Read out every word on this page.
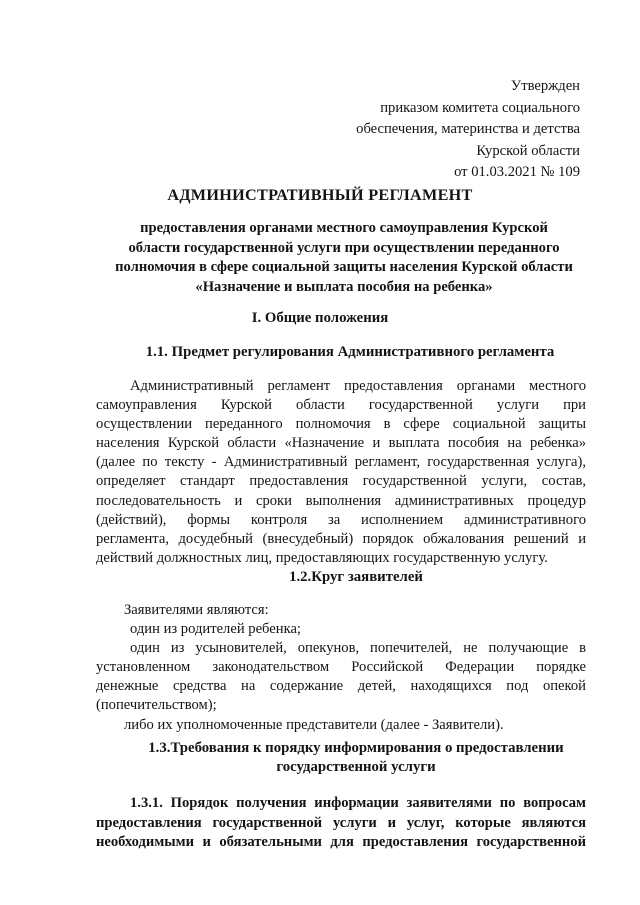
Утвержден
приказом комитета социального
обеспечения, материнства и детства
Курской области
от 01.03.2021 № 109
АДМИНИСТРАТИВНЫЙ РЕГЛАМЕНТ
предоставления органами местного самоуправления Курской
области государственной услуги при осуществлении переданного
полномочия в сфере социальной защиты населения Курской области
«Назначение и выплата пособия на ребенка»
I. Общие положения
1.1. Предмет регулирования Административного регламента
Административный регламент предоставления органами местного
самоуправления Курской области государственной услуги при
осуществлении переданного полномочия в сфере социальной защиты
населения Курской области «Назначение и выплата пособия на ребенка»
(далее по тексту - Административный регламент, государственная услуга),
определяет стандарт предоставления государственной услуги, состав,
последовательность и сроки выполнения административных процедур
(действий), формы контроля за исполнением административного
регламента, досудебный (внесудебный) порядок обжалования решений и
действий должностных лиц, предоставляющих государственную услугу.
1.2.Круг заявителей
Заявителями являются:
один из родителей ребенка;
один из усыновителей, опекунов, попечителей, не получающие в
установленном законодательством Российской Федерации порядке
денежные средства на содержание детей, находящихся под опекой
(попечительством);
либо их уполномоченные представители (далее - Заявители).
1.3.Требования к порядку информирования о предоставлении
государственной услуги
1.3.1. Порядок получения информации заявителями по вопросам
предоставления государственной услуги и услуг, которые являются
необходимыми и обязательными для предоставления государственной
